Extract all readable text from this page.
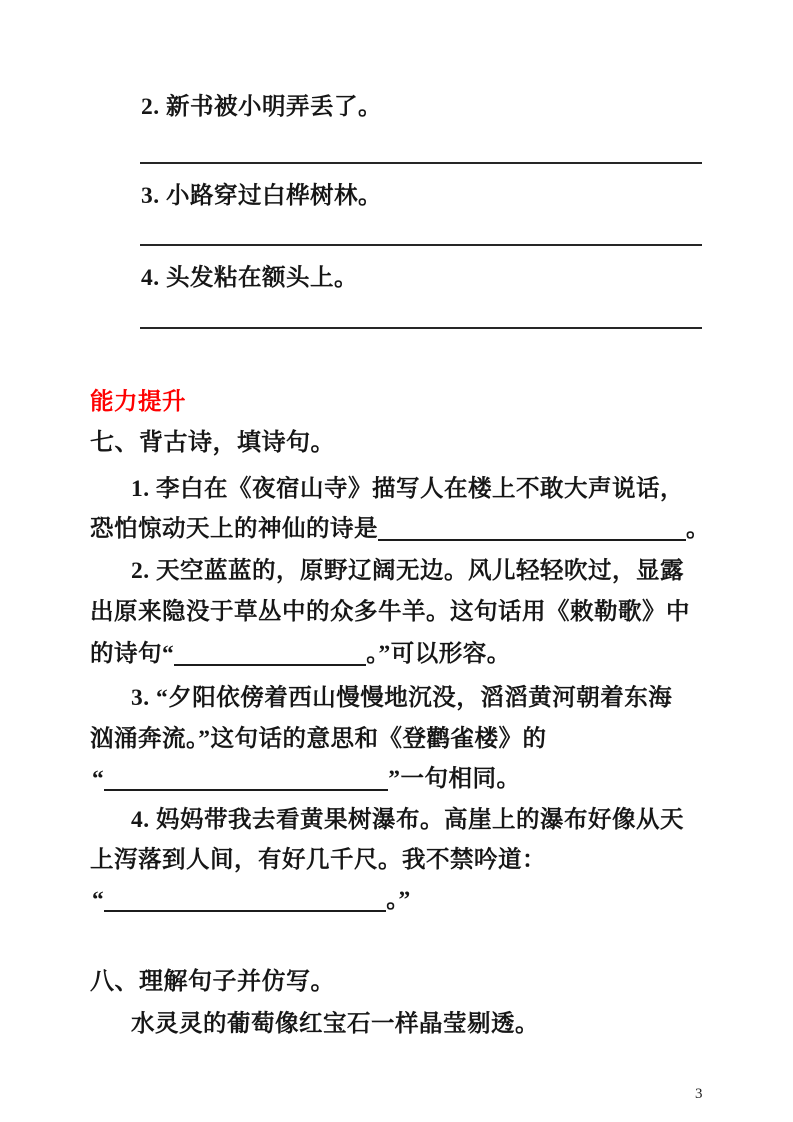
2. 新书被小明弄丢了。
3. 小路穿过白桦树林。
4. 头发粘在额头上。
能力提升
七、背古诗，填诗句。
1. 李白在《夜宿山寺》描写人在楼上不敢大声说话，
恐怕惊动天上的神仙的诗是	。
2. 天空蓝蓝的，原野辽阔无边。风儿轻轻吹过，显露
出原来隐没于草丛中的众多牛羊。这句话用《敕勒歌》中
的诗句“	。”可以形容。
3. “夕阳依傍着西山慢慢地沉没，滔滔黄河朝着东海
汹涌奔流。”这句话的意思和《登鹳雀楼》的
“	”一句相同。
4. 妈妈带我去看黄果树瀑布。高崖上的瀑布好像从天
上泻落到人间，有好几千尺。我不禁吟道：
“	。”
八、理解句子并仿写。
水灵灵的葡萄像红宝石一样晶莹剔透。
3
